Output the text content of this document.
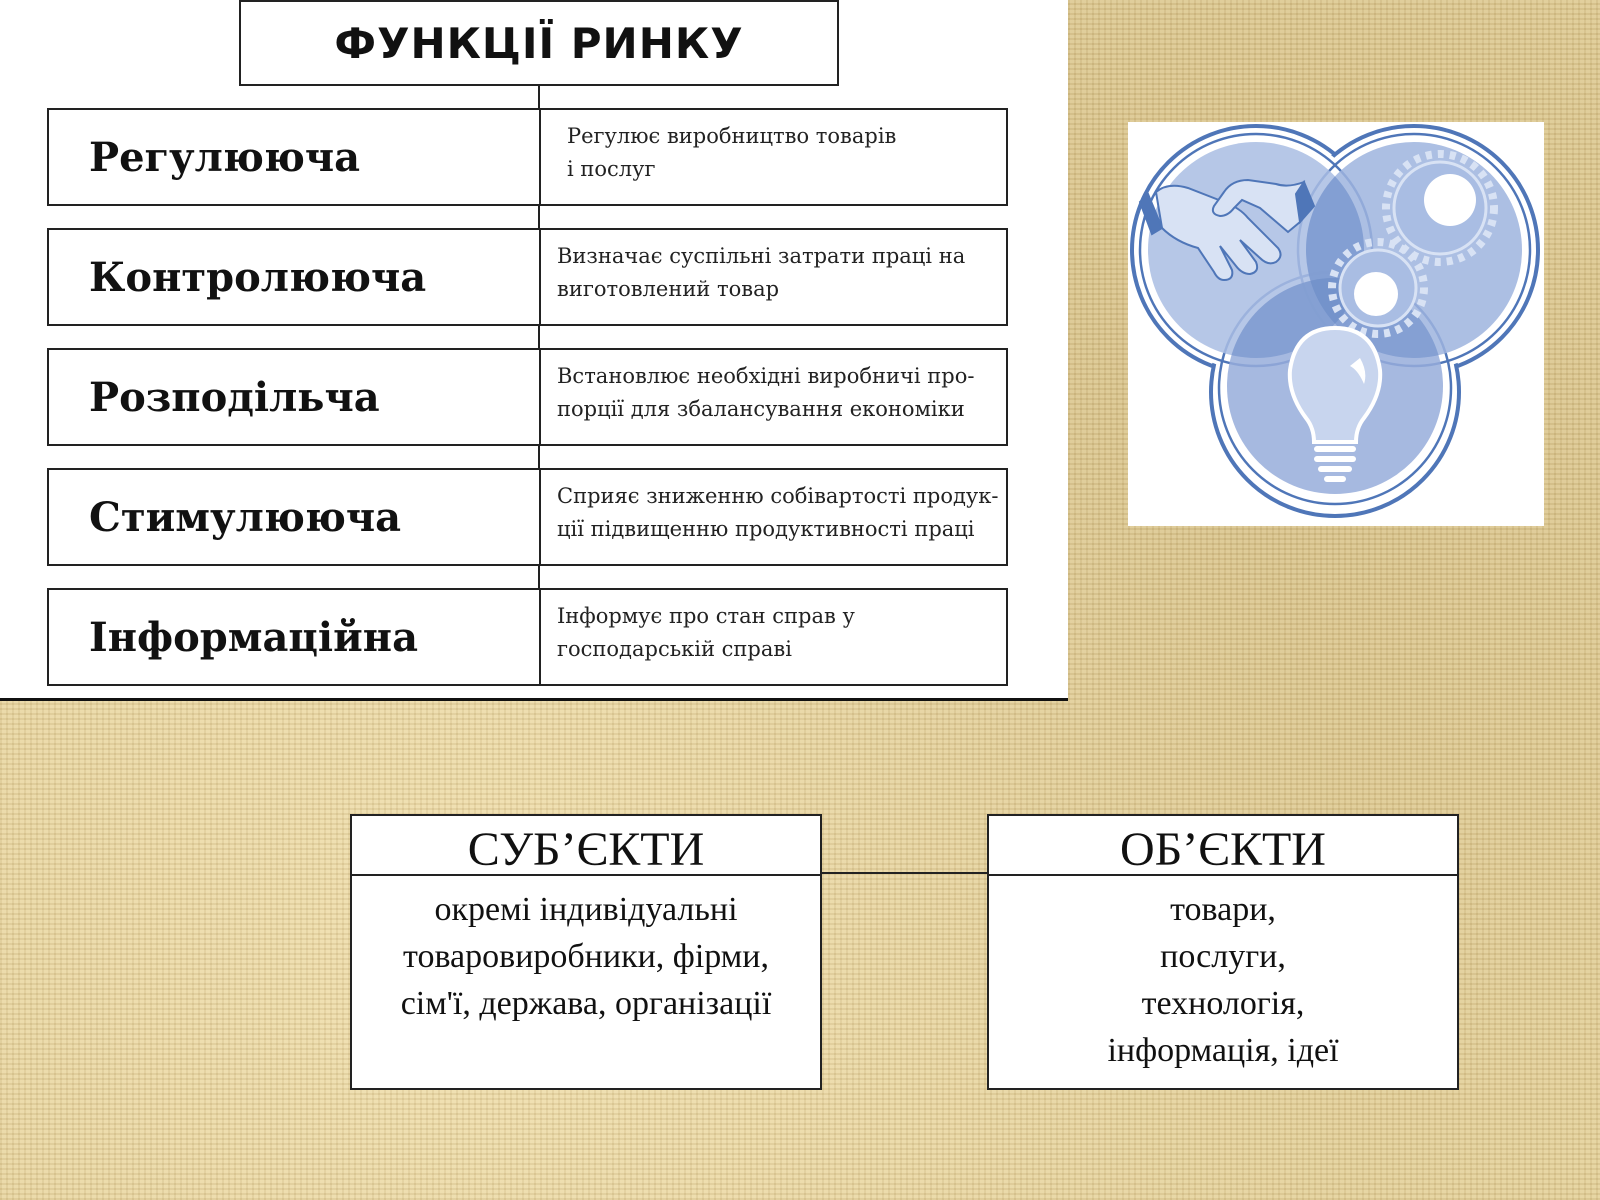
ФУНКЦІЇ РИНКУ
Регулююча	Регулює виробництво товарів
і послуг
Контролююча	Визначає суспільні затрати праці на
виготовлений товар
Розподільча	Встановлює необхідні виробничі про-
порції для збалансування економіки
Стимулююча	Сприяє зниженню собівартості продук-
ції підвищенню продуктивності праці
Інформаційна	Інформує про стан справ у
господарській справі
СУБ’ЄКТИ
окремі індивідуальні
товаровиробники, фірми,
сім'ї, держава, організації
ОБ’ЄКТИ
товари,
послуги,
технологія,
інформація, ідеї
